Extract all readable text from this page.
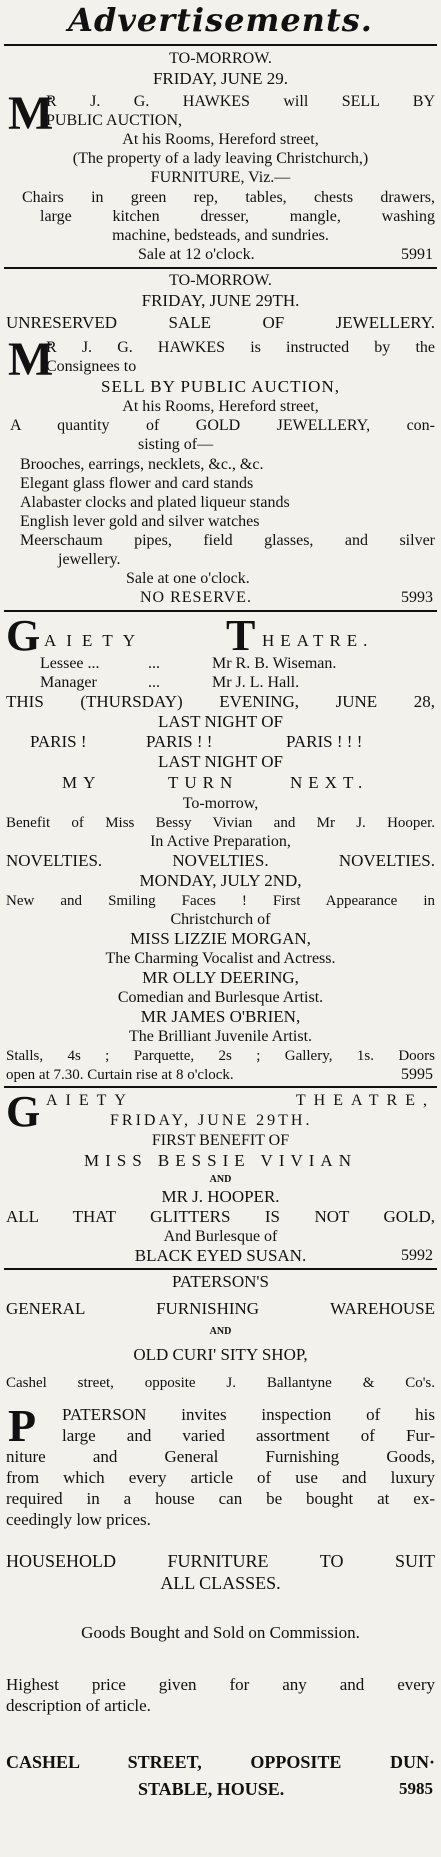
Advertisements.
TO-MORROW.
FRIDAY, JUNE 29.
M
R J. G. HAWKES will SELL BY
PUBLIC AUCTION,
At his Rooms, Hereford street,
(The property of a lady leaving Christchurch,)
FURNITURE, Viz.—
Chairs in green rep, tables, chests drawers,
large kitchen dresser, mangle, washing
machine, bedsteads, and sundries.
Sale at 12 o'clock.	5991
TO-MORROW.
FRIDAY, JUNE 29TH.
UNRESERVED SALE OF JEWELLERY.
M
R J. G. HAWKES is instructed by the
Consignees to
SELL BY PUBLIC AUCTION,
At his Rooms, Hereford street,
A quantity of GOLD JEWELLERY, con-
sisting of—
Brooches, earrings, necklets, &c., &c.
Elegant glass flower and card stands
Alabaster clocks and plated liqueur stands
English lever gold and silver watches
Meerschaum pipes, field glasses, and silver
jewellery.
Sale at one o'clock.
NO RESERVE.	5993
G AIETY T HEATRE.
Lessee ...	...	Mr R. B. Wiseman.
Manager	...	Mr J. L. Hall.
THIS (THURSDAY) EVENING, JUNE 28,
LAST NIGHT OF
PARIS !	PARIS ! !	PARIS ! ! !
LAST NIGHT OF
MY	TURN	NEXT.
To-morrow,
Benefit of Miss Bessy Vivian and Mr J. Hooper.
In Active Preparation,
NOVELTIES. NOVELTIES. NOVELTIES.
MONDAY, JULY 2ND,
New and Smiling Faces ! First Appearance in
Christchurch of
MISS LIZZIE MORGAN,
The Charming Vocalist and Actress.
MR OLLY DEERING,
Comedian and Burlesque Artist.
MR JAMES O'BRIEN,
The Brilliant Juvenile Artist.
Stalls, 4s ; Parquette, 2s ; Gallery, 1s. Doors
open at 7.30. Curtain rise at 8 o'clock.	5995
G AIETY THEATRE,
FRIDAY, JUNE 29TH.
FIRST BENEFIT OF
MISS BESSIE VIVIAN
AND
MR J. HOOPER.
ALL THAT GLITTERS IS NOT GOLD,
And Burlesque of
BLACK EYED SUSAN.	5992
PATERSON'S
GENERAL FURNISHING WAREHOUSE
AND
OLD CURI' SITY SHOP,
Cashel street, opposite J. Ballantyne & Co's.
P PATERSON invites inspection of his
large and varied assortment of Fur-
niture and General Furnishing Goods,
from which every article of use and luxury
required in a house can be bought at ex-
ceedingly low prices.
HOUSEHOLD FURNITURE TO SUIT
ALL CLASSES.
Goods Bought and Sold on Commission.
Highest price given for any and every
description of article.
CASHEL STREET, OPPOSITE DUN·
STABLE, HOUSE.	5985
